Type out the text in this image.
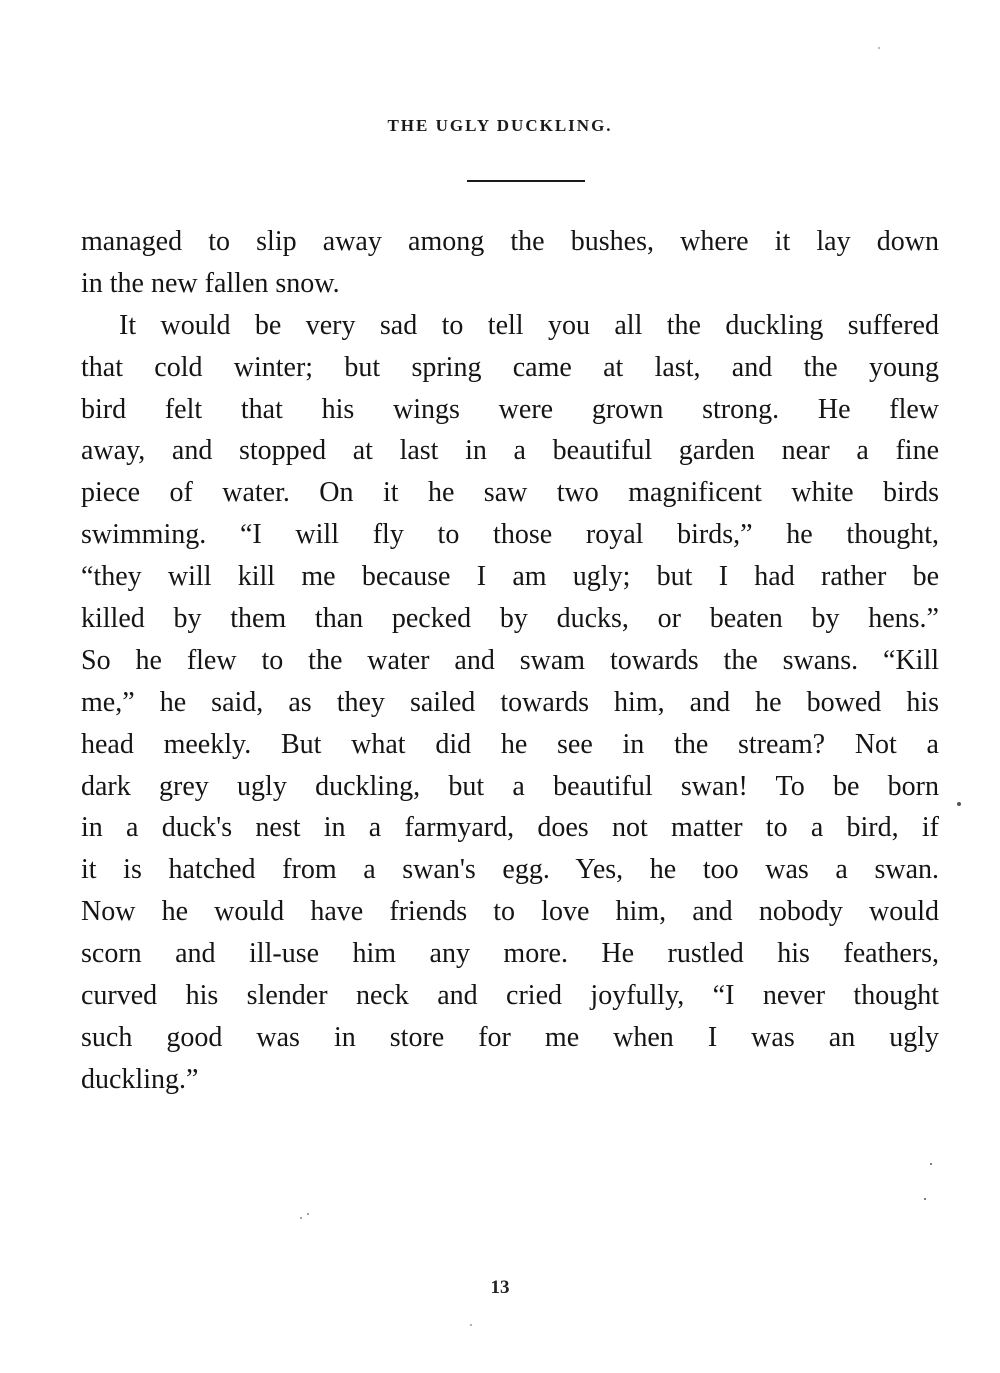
THE UGLY DUCKLING.
managed to slip away among the bushes, where it lay down
in the new fallen snow.
It would be very sad to tell you all the duckling suffered
that cold winter; but spring came at last, and the young
bird felt that his wings were grown strong. He flew
away, and stopped at last in a beautiful garden near a fine
piece of water. On it he saw two magnificent white birds
swimming. “I will fly to those royal birds,” he thought,
“they will kill me because I am ugly; but I had rather be
killed by them than pecked by ducks, or beaten by hens.”
So he flew to the water and swam towards the swans. “Kill
me,” he said, as they sailed towards him, and he bowed his
head meekly. But what did he see in the stream? Not a
dark grey ugly duckling, but a beautiful swan! To be born
in a duck's nest in a farmyard, does not matter to a bird, if
it is hatched from a swan's egg. Yes, he too was a swan.
Now he would have friends to love him, and nobody would
scorn and ill-use him any more. He rustled his feathers,
curved his slender neck and cried joyfully, “I never thought
such good was in store for me when I was an ugly
duckling.”
13
